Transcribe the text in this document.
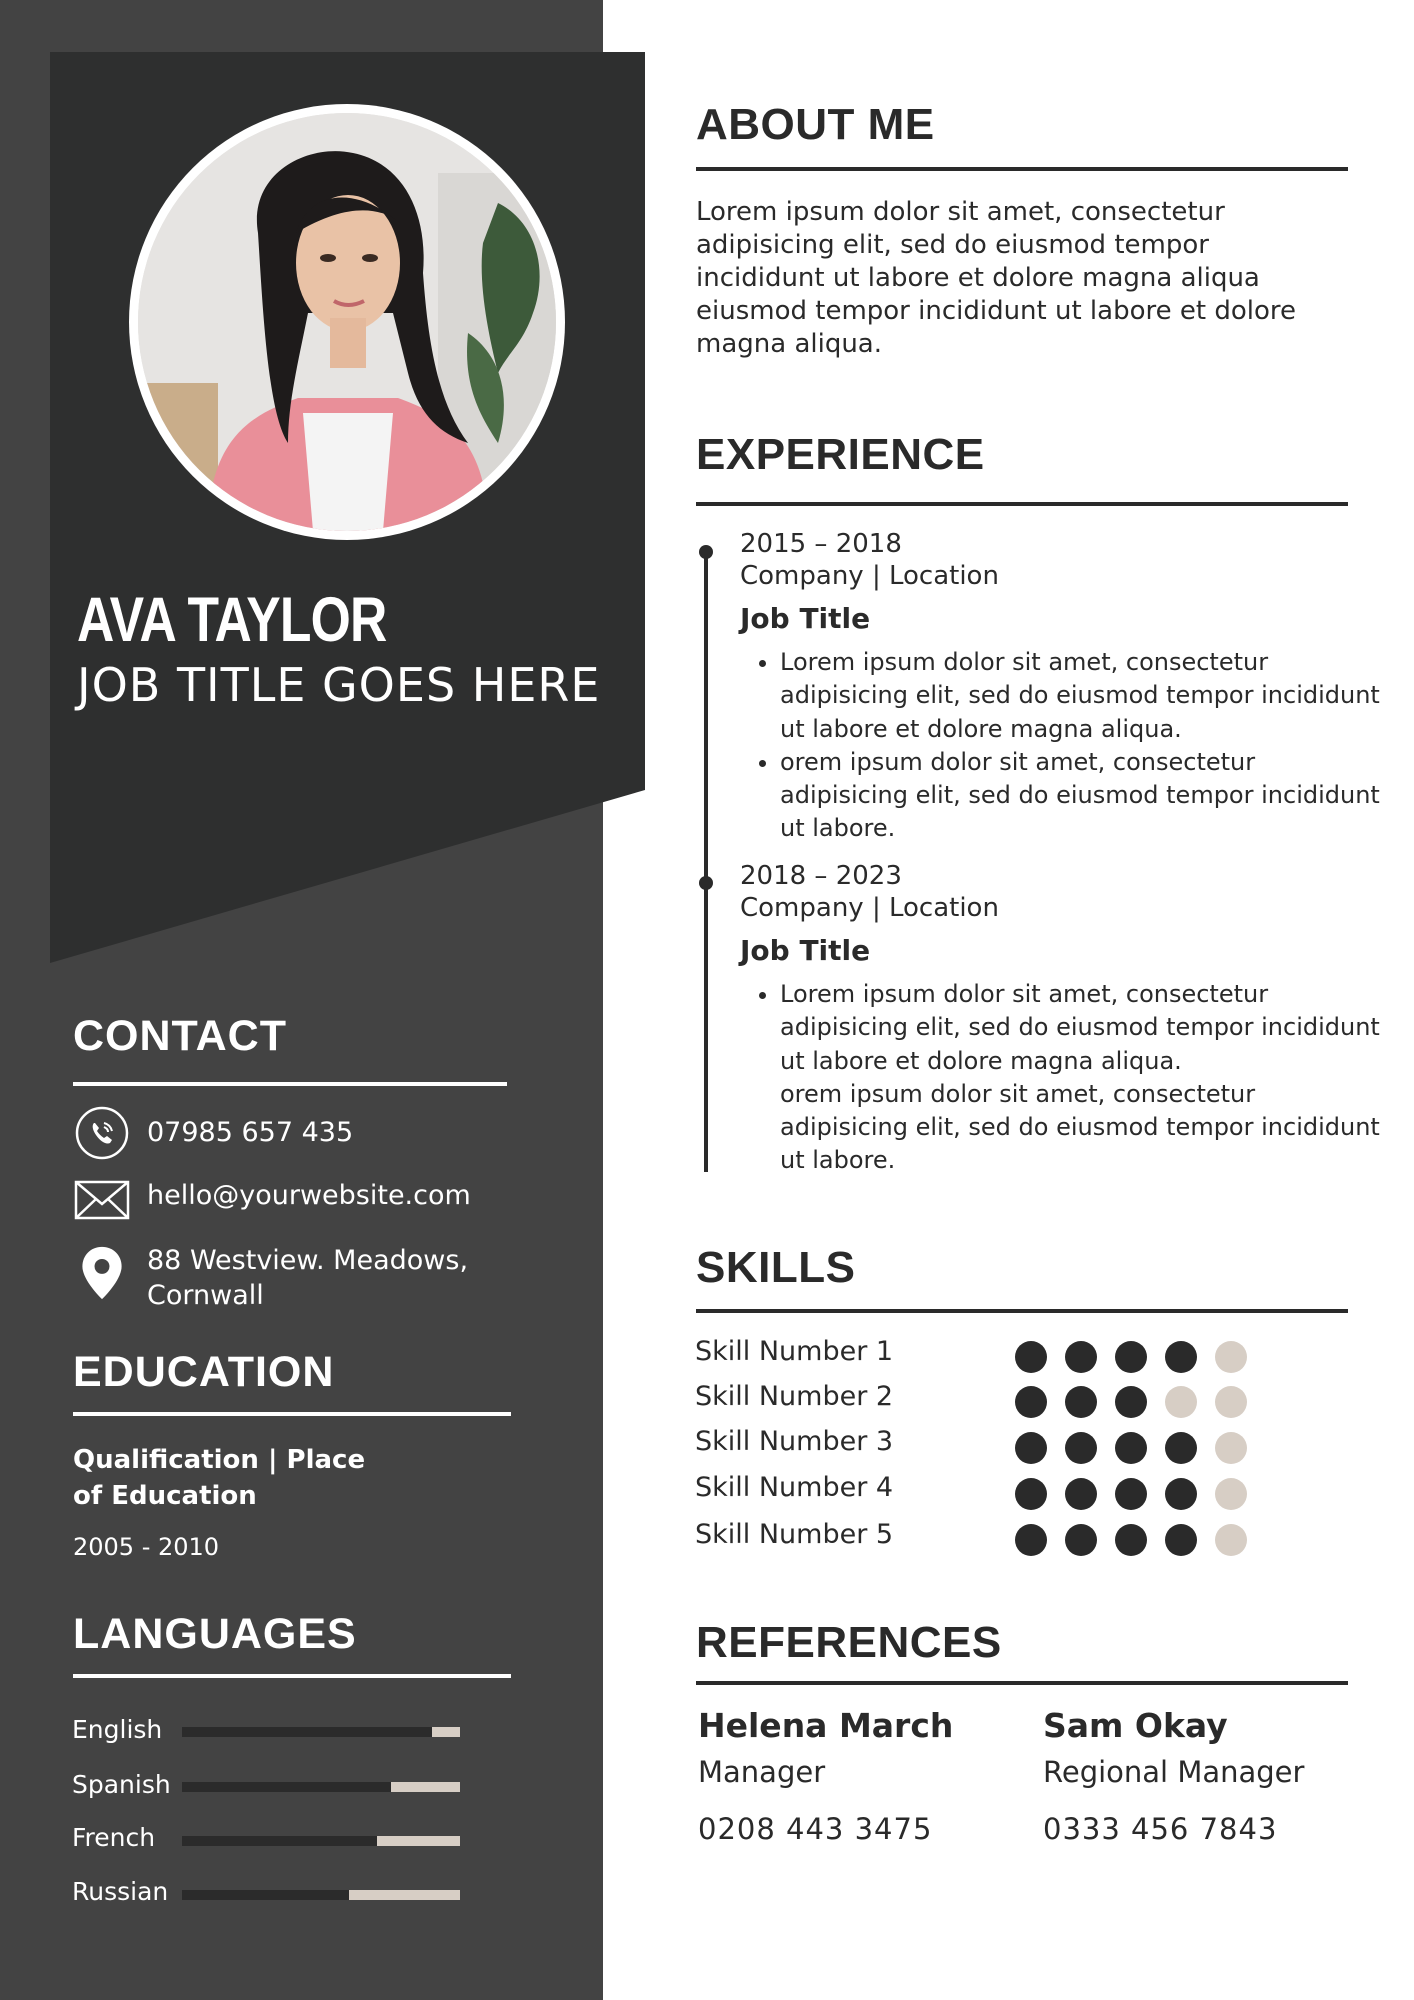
AVA TAYLOR
JOB TITLE GOES HERE
CONTACT
07985 657 435
hello@yourwebsite.com
88 Westview. Meadows,
Cornwall
EDUCATION
Qualification | Place of Education
2005 - 2010
LANGUAGES
English
Spanish
French
Russian
ABOUT ME
Lorem ipsum dolor sit amet, consectetur adipisicing elit, sed do eiusmod tempor incididunt ut labore et dolore magna aliqua eiusmod tempor incididunt ut labore et dolore magna aliqua.
EXPERIENCE
2015 – 2018
Company | Location
Job Title
• Lorem ipsum dolor sit amet, consectetur adipisicing elit, sed do eiusmod tempor incididunt ut labore et dolore magna aliqua.
• orem ipsum dolor sit amet, consectetur adipisicing elit, sed do eiusmod tempor incididunt ut labore.
2018 – 2023
Company | Location
Job Title
• Lorem ipsum dolor sit amet, consectetur adipisicing elit, sed do eiusmod tempor incididunt ut labore et dolore magna aliqua.
orem ipsum dolor sit amet, consectetur adipisicing elit, sed do eiusmod tempor incididunt ut labore.
SKILLS
Skill Number 1
Skill Number 2
Skill Number 3
Skill Number 4
Skill Number 5
REFERENCES
Helena March
Manager
0208 443 3475
Sam Okay
Regional Manager
0333 456 7843
